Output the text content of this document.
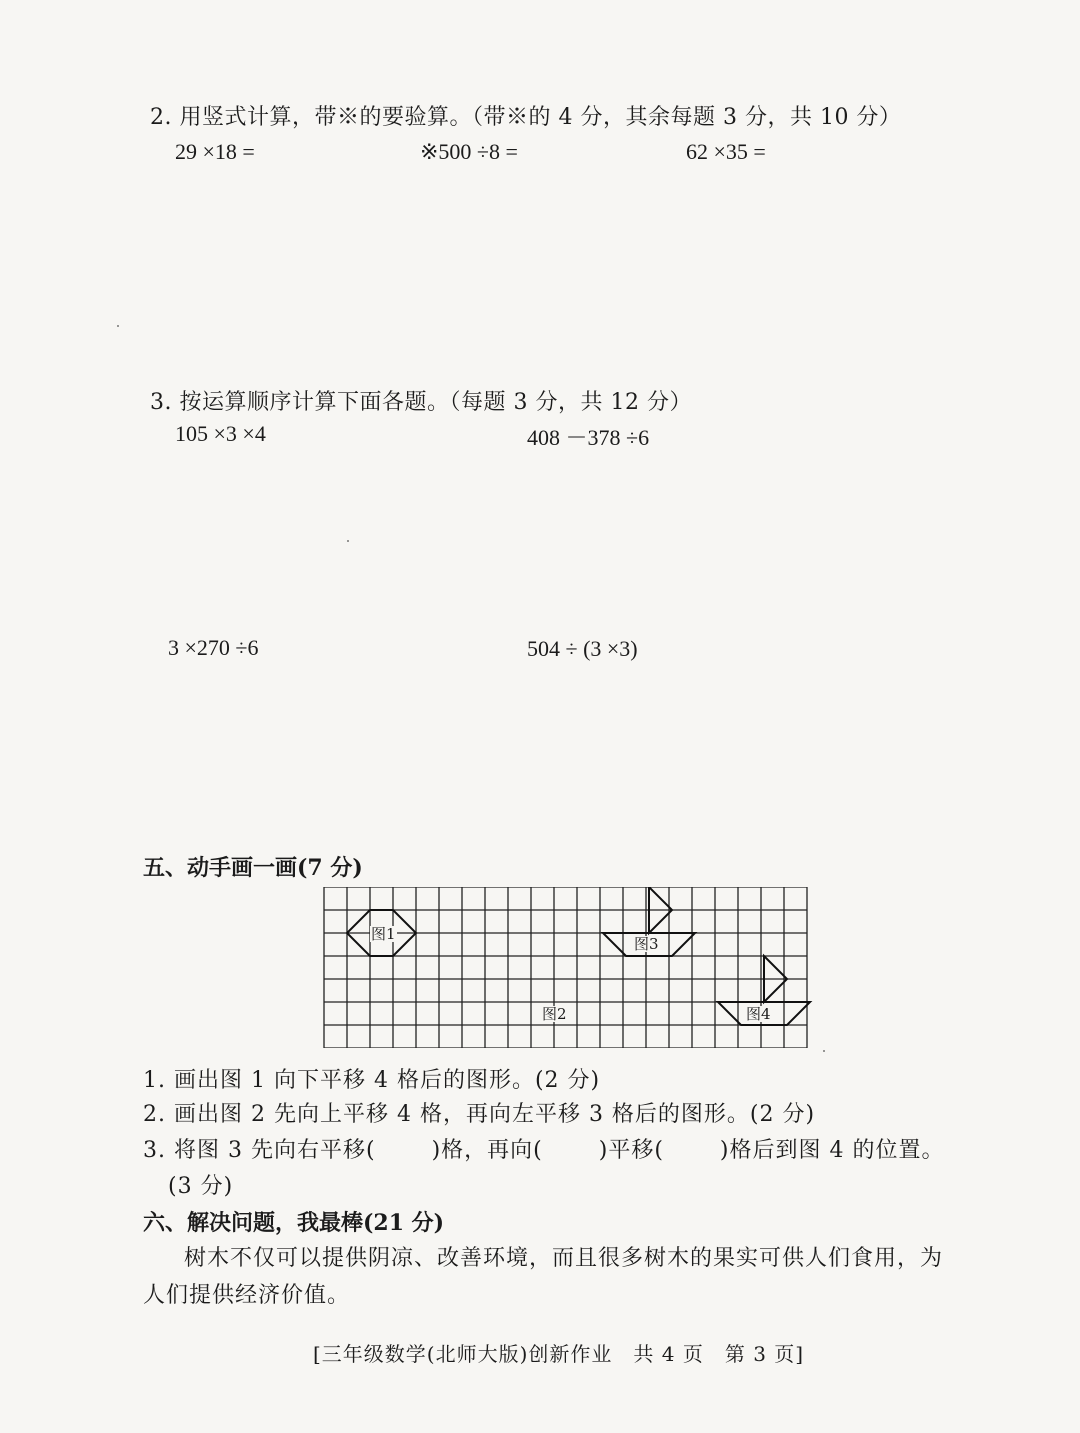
2. 用竖式计算，带※的要验算。（带※的 4 分，其余每题 3 分，共 10 分）
29 ×18 =	※500 ÷8 =	62 ×35 =
3. 按运算顺序计算下面各题。（每题 3 分，共 12 分）
105 ×3 ×4	408 －378 ÷6
3 ×270 ÷6	504 ÷ (3 ×3)
五、动手画一画(7 分)
图1
图2
图3
图4
1. 画出图 1 向下平移 4 格后的图形。(2 分)
2. 画出图 2 先向上平移 4 格，再向左平移 3 格后的图形。(2 分)
3. 将图 3 先向右平移(	)格，再向(	)平移(	)格后到图 4 的位置。
(3 分)
六、解决问题，我最棒(21 分)
树木不仅可以提供阴凉、改善环境，而且很多树木的果实可供人们食用，为
人们提供经济价值。
[三年级数学(北师大版)创新作业　共 4 页　第 3 页]
